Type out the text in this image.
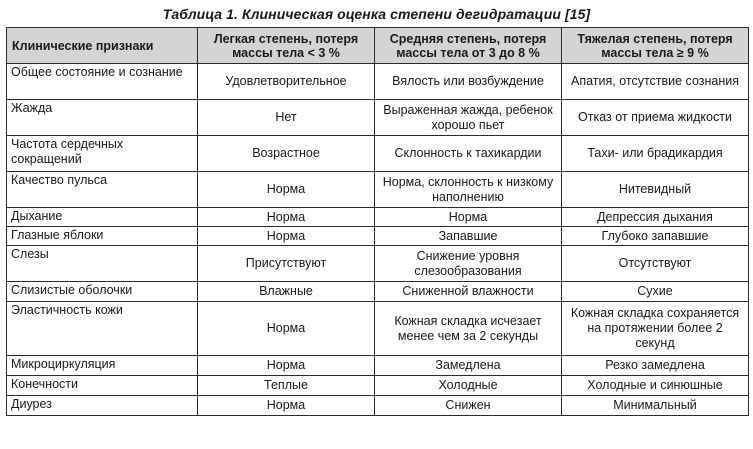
Таблица 1. Клиническая оценка степени дегидратации [15]
Клинические признаки	Легкая степень, потеря массы тела < 3 %	Средняя степень, потеря массы тела от 3 до 8 %	Тяжелая степень, потеря массы тела ≥ 9 %
Общее состояние и сознание	Удовлетворительное	Вялость или возбуждение	Апатия, отсутствие сознания
Жажда	Нет	Выраженная жажда, ребенок хорошо пьет	Отказ от приема жидкости
Частота сердечных сокращений	Возрастное	Склонность к тахикардии	Тахи- или брадикардия
Качество пульса	Норма	Норма, склонность к низкому наполнению	Нитевидный
Дыхание	Норма	Норма	Депрессия дыхания
Глазные яблоки	Норма	Запавшие	Глубоко запавшие
Слезы	Присутствуют	Снижение уровня слезообразования	Отсутствуют
Слизистые оболочки	Влажные	Сниженной влажности	Сухие
Эластичность кожи	Норма	Кожная складка исчезает менее чем за 2 секунды	Кожная складка сохраняется на протяжении более 2 секунд
Микроциркуляция	Норма	Замедлена	Резко замедлена
Конечности	Теплые	Холодные	Холодные и синюшные
Диурез	Норма	Снижен	Минимальный
